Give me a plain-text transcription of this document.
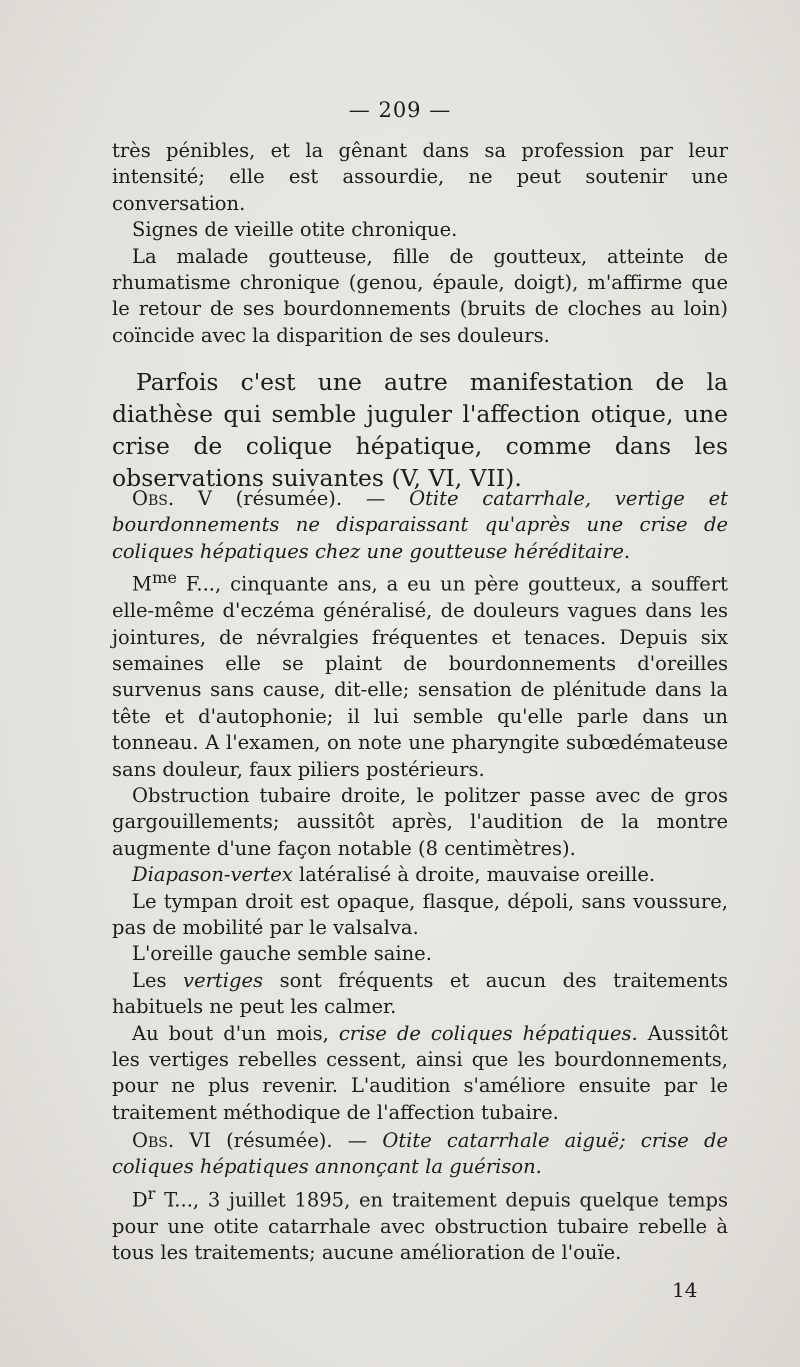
— 209 —

très pénibles, et la gênant dans sa profession par leur intensité; elle est assourdie, ne peut soutenir une conversation.

Signes de vieille otite chronique.

La malade goutteuse, fille de goutteux, atteinte de rhumatisme chronique (genou, épaule, doigt), m'affirme que le retour de ses bourdonnements (bruits de cloches au loin) coïncide avec la disparition de ses douleurs.

Parfois c'est une autre manifestation de la diathèse qui semble juguler l'affection otique, une crise de colique hépatique, comme dans les observations suivantes (V, VI, VII).

Obs. V (résumée). — Otite catarrhale, vertige et bourdonnements ne disparaissant qu'après une crise de coliques hépatiques chez une goutteuse héréditaire.

$M^{me}$ F..., cinquante ans, a eu un père goutteux, a souffert elle-même d'eczéma généralisé, de douleurs vagues dans les jointures, de névralgies fréquentes et tenaces. Depuis six semaines elle se plaint de bourdonnements d'oreilles survenus sans cause, dit-elle; sensation de plénitude dans la tête et d'autophonie; il lui semble qu'elle parle dans un tonneau. A l'examen, on note une pharyngite subœdémateuse sans douleur, faux piliers postérieurs.

Obstruction tubaire droite, le politzer passe avec de gros gargouillements; aussitôt après, l'audition de la montre augmente d'une façon notable (8 centimètres).

Diapason-vertex latéralisé à droite, mauvaise oreille.

Le tympan droit est opaque, flasque, dépoli, sans voussure, pas de mobilité par le valsalva.

L'oreille gauche semble saine.

Les vertiges sont fréquents et aucun des traitements habituels ne peut les calmer.

Au bout d'un mois, crise de coliques hépatiques. Aussitôt les vertiges rebelles cessent, ainsi que les bourdonnements, pour ne plus revenir. L'audition s'améliore ensuite par le traitement méthodique de l'affection tubaire.

Obs. VI (résumée). — Otite catarrhale aiguë; crise de coliques hépatiques annonçant la guérison.

$D^r$ T..., 3 juillet 1895, en traitement depuis quelque temps pour une otite catarrhale avec obstruction tubaire rebelle à tous les traitements; aucune amélioration de l'ouïe.

14
